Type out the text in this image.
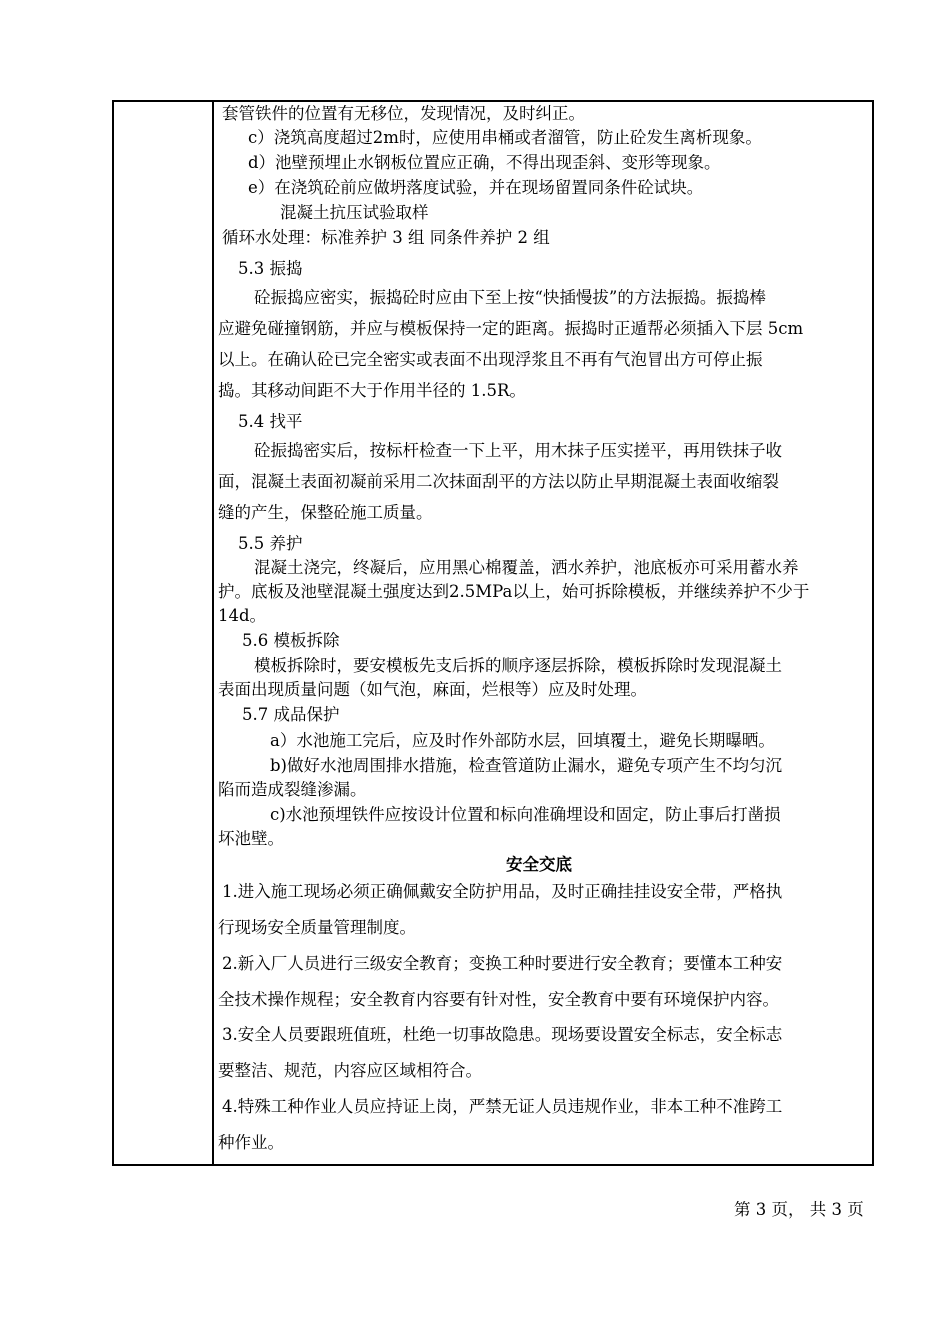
套管铁件的位置有无移位，发现情况，及时纠正。
c）浇筑高度超过2m时，应使用串桶或者溜管，防止砼发生离析现象。
d）池壁预埋止水钢板位置应正确，不得出现歪斜、变形等现象。
e）在浇筑砼前应做坍落度试验，并在现场留置同条件砼试块。
混凝土抗压试验取样
循环水处理：标准养护 3 组 同条件养护 2 组
5.3 振捣
砼振捣应密实，振捣砼时应由下至上按“快插慢拔”的方法振捣。振捣棒
应避免碰撞钢筋，并应与模板保持一定的距离。振捣时正遁帮必须插入下层 5cm
以上。在确认砼已完全密实或表面不出现浮浆且不再有气泡冒出方可停止振
捣。其移动间距不大于作用半径的 1.5R。
5.4 找平
砼振捣密实后，按标杆检查一下上平，用木抹子压实搓平，再用铁抹子收
面，混凝土表面初凝前采用二次抹面刮平的方法以防止早期混凝土表面收缩裂
缝的产生，保整砼施工质量。
5.5 养护
混凝土浇完，终凝后，应用黑心棉覆盖，洒水养护，池底板亦可采用蓄水养
护。底板及池壁混凝土强度达到2.5MPa以上，始可拆除模板，并继续养护不少于
14d。
5.6 模板拆除
模板拆除时，要安模板先支后拆的顺序逐层拆除，模板拆除时发现混凝土
表面出现质量问题（如气泡，麻面，烂根等）应及时处理。
5.7 成品保护
a）水池施工完后，应及时作外部防水层，回填覆土，避免长期曝晒。
b)做好水池周围排水措施，检查管道防止漏水，避免专项产生不均匀沉
陷而造成裂缝渗漏。
c)水池预埋铁件应按设计位置和标向准确埋设和固定，防止事后打凿损
坏池壁。
安全交底
1.进入施工现场必须正确佩戴安全防护用品，及时正确挂挂设安全带，严格执
行现场安全质量管理制度。
2.新入厂人员进行三级安全教育；变换工种时要进行安全教育；要懂本工种安
全技术操作规程；安全教育内容要有针对性，安全教育中要有环境保护内容。
3.安全人员要跟班值班，杜绝一切事故隐患。现场要设置安全标志，安全标志
要整洁、规范，内容应区域相符合。
4.特殊工种作业人员应持证上岗，严禁无证人员违规作业，非本工种不准跨工
种作业。
第 3 页， 共 3 页
